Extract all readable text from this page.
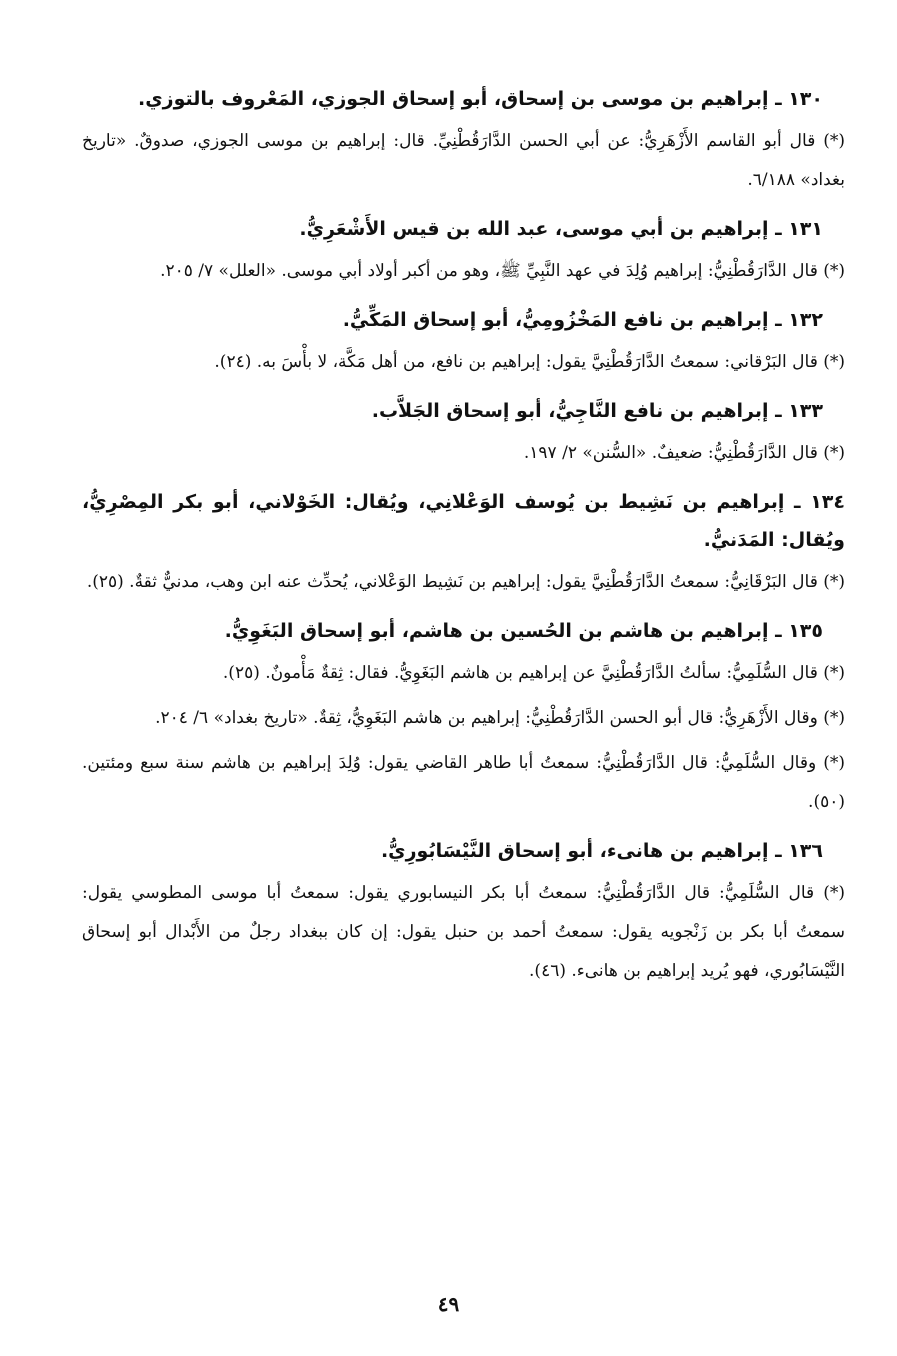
١٣٠ ـ إبراهيم بن موسى بن إسحاق، أبو إسحاق الجوزي، المَعْروف بالتوزي.

(*) قال أبو القاسم الأَزْهَرِيُّ: عن أبي الحسن الدَّارَقُطْنِيِّ. قال: إبراهيم بن موسى الجوزي، صدوقٌ. «تاريخ بغداد» ٦/١٨٨.

١٣١ ـ إبراهيم بن أبي موسى، عبد الله بن قيس الأَشْعَرِيُّ.

(*) قال الدَّارَقُطْنِيُّ: إبراهيم وُلِدَ في عهد النَّبِيِّ ﷺ، وهو من أكبر أولاد أبي موسى. «العلل» ٧/ ٢٠٥.

١٣٢ ـ إبراهيم بن نافع المَخْزُومِيُّ، أبو إسحاق المَكِّيُّ.

(*) قال البَرْقاني: سمعتُ الدَّارَقُطْنِيَّ يقول: إبراهيم بن نافع، من أهل مَكَّة، لا بأْسَ به. (٢٤).

١٣٣ ـ إبراهيم بن نافع النَّاجِيُّ، أبو إسحاق الجَلاَّب.

(*) قال الدَّارَقُطْنِيُّ: ضعيفٌ. «السُّنن» ٢/ ١٩٧.

١٣٤ ـ إبراهيم بن نَشِيط بن يُوسف الوَعْلانِي، ويُقال: الخَوْلاني، أبو بكر المِصْرِيُّ، ويُقال: المَدَنيُّ.

(*) قال البَرْقَانِيُّ: سمعتُ الدَّارَقُطْنِيَّ يقول: إبراهيم بن نَشِيط الوَعْلاني، يُحدِّث عنه ابن وهب، مدنيٌّ ثقةٌ. (٢٥).

١٣٥ ـ إبراهيم بن هاشم بن الحُسين بن هاشم، أبو إسحاق البَغَوِيُّ.

(*) قال السُّلَمِيُّ: سألتُ الدَّارَقُطْنِيَّ عن إبراهيم بن هاشم البَغَوِيُّ. فقال: ثِقةٌ مَأْمونٌ. (٢٥).

(*) وقال الأَزْهَرِيُّ: قال أبو الحسن الدَّارَقُطْنِيُّ: إبراهيم بن هاشم البَغَوِيُّ، ثِقةٌ. «تاريخ بغداد» ٦/ ٢٠٤.

(*) وقال السُّلَمِيُّ: قال الدَّارَقُطْنِيُّ: سمعتُ أبا طاهر القاضي يقول: وُلِدَ إبراهيم بن هاشم سنة سبع ومئتين. (٥٠).

١٣٦ ـ إبراهيم بن هانىء، أبو إسحاق النَّيْسَابُورِيُّ.

(*) قال السُّلَمِيُّ: قال الدَّارَقُطْنِيُّ: سمعتُ أبا بكر النيسابوري يقول: سمعتُ أبا موسى المطوسي يقول: سمعتُ أبا بكر بن زَنْجويه يقول: سمعتُ أحمد بن حنبل يقول: إن كان ببغداد رجلٌ من الأَبْدال أبو إسحاق النَّيْسَابُوري، فهو يُريد إبراهيم بن هانىء. (٤٦).

٤٩
